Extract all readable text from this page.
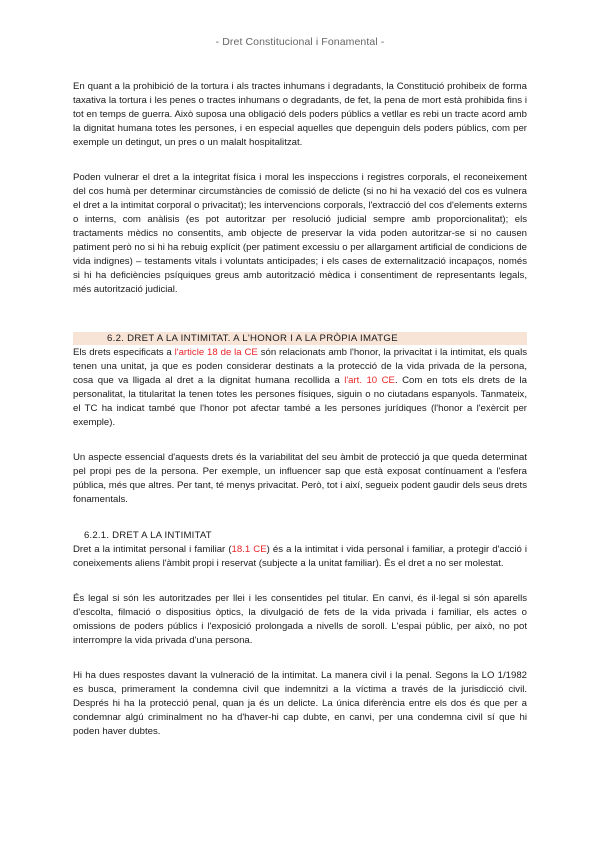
- Dret Constitucional i Fonamental -

En quant a la prohibició de la tortura i als tractes inhumans i degradants, la Constitució prohibeix de forma taxativa la tortura i les penes o tractes inhumans o degradants, de fet, la pena de mort està prohibida fins i tot en temps de guerra. Això suposa una obligació dels poders públics a vetllar es rebi un tracte acord amb la dignitat humana totes les persones, i en especial aquelles que depenguin dels poders públics, com per exemple un detingut, un pres o un malalt hospitalitzat.

Poden vulnerar el dret a la integritat física i moral les inspeccions i registres corporals, el reconeixement del cos humà per determinar circumstàncies de comissió de delicte (si no hi ha vexació del cos es vulnera el dret a la intimitat corporal o privacitat); les intervencions corporals, l'extracció del cos d'elements externs o interns, com anàlisis (es pot autoritzar per resolució judicial sempre amb proporcionalitat); els tractaments mèdics no consentits, amb objecte de preservar la vida poden autoritzar-se si no causen patiment però no si hi ha rebuig explícit (per patiment excessiu o per allargament artificial de condicions de vida indignes) – testaments vitals i voluntats anticipades; i els cases de externalització incapaços, només si hi ha deficiències psíquiques greus amb autorització mèdica i consentiment de representants legals, més autorització judicial.

6.2. DRET A LA INTIMITAT. A L'HONOR I A LA PRÒPIA IMATGE

Els drets especificats a l'article 18 de la CE són relacionats amb l'honor, la privacitat i la intimitat, els quals tenen una unitat, ja que es poden considerar destinats a la protecció de la vida privada de la persona, cosa que va lligada al dret a la dignitat humana recollida a l'art. 10 CE. Com en tots els drets de la personalitat, la titularitat la tenen totes les persones físiques, siguin o no ciutadans espanyols. Tanmateix, el TC ha indicat també que l'honor pot afectar també a les persones jurídiques (l'honor a l'exèrcit per exemple).

Un aspecte essencial d'aquests drets és la variabilitat del seu àmbit de protecció ja que queda determinat pel propi pes de la persona. Per exemple, un influencer sap que està exposat contínuament a l'esfera pública, més que altres. Per tant, té menys privacitat. Però, tot i així, segueix podent gaudir dels seus drets fonamentals.

6.2.1. DRET A LA INTIMITAT

Dret a la intimitat personal i familiar (18.1 CE) és a la intimitat i vida personal i familiar, a protegir d'acció i coneixements aliens l'àmbit propi i reservat (subjecte a la unitat familiar). És el dret a no ser molestat.

És legal si són les autoritzades per llei i les consentides pel titular. En canvi, és il·legal si són aparells d'escolta, filmació o dispositius òptics, la divulgació de fets de la vida privada i familiar, els actes o omissions de poders públics i l'exposició prolongada a nivells de soroll. L'espai públic, per això, no pot interrompre la vida privada d'una persona.

Hi ha dues respostes davant la vulneració de la intimitat. La manera civil i la penal. Segons la LO 1/1982 es busca, primerament la condemna civil que indemnitzi a la víctima a través de la jurisdicció civil. Després hi ha la protecció penal, quan ja és un delicte. La única diferència entre els dos és que per a condemnar algú criminalment no ha d'haver-hi cap dubte, en canvi, per una condemna civil sí que hi poden haver dubtes.
